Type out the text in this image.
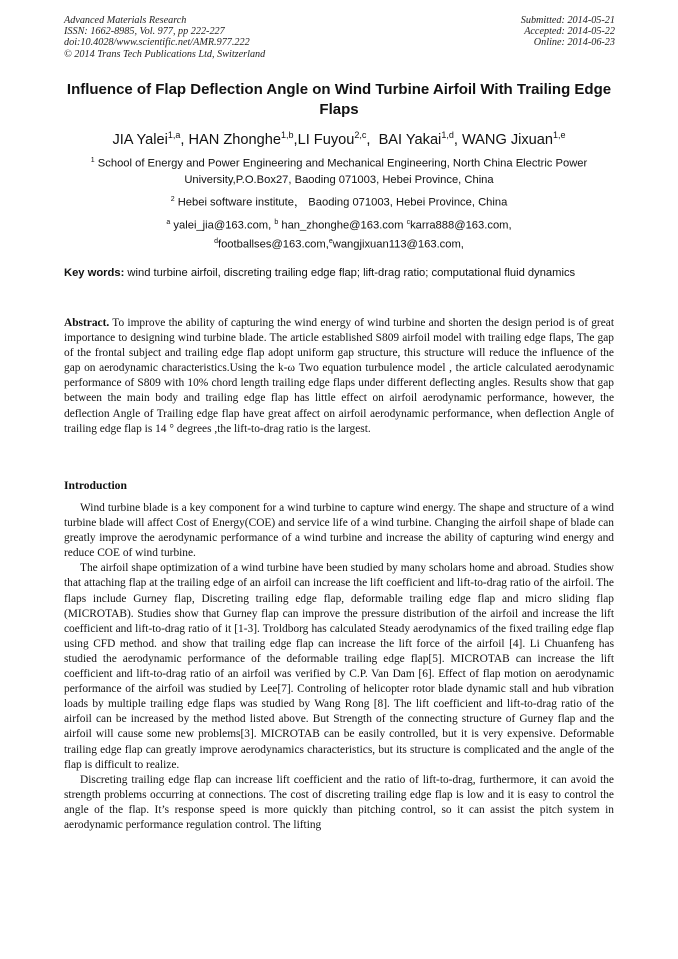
Advanced Materials Research
ISSN: 1662-8985, Vol. 977, pp 222-227
doi:10.4028/www.scientific.net/AMR.977.222
© 2014 Trans Tech Publications Ltd, Switzerland
Submitted: 2014-05-21
Accepted: 2014-05-22
Online: 2014-06-23
Influence of Flap Deflection Angle on Wind Turbine Airfoil With Trailing Edge Flaps
JIA Yalei$^{1,a}$, HAN Zhonghe$^{1,b}$,LI Fuyou$^{2,c}$,  BAI Yakai$^{1,d}$, WANG Jixuan$^{1,e}$
$^1$ School of Energy and Power Engineering and Mechanical Engineering, North China Electric Power University,P.O.Box27, Baoding 071003, Hebei Province, China
$^2$ Hebei software institute， Baoding 071003, Hebei Province, China
$^a$ yalei_jia@163.com, $^b$ han_zhonghe@163.com $^c$karra888@163.com,
$^d$footballses@163.com,$^e$wangjixuan113@163.com,
Key words: wind turbine airfoil, discreting trailing edge flap; lift-drag ratio; computational fluid dynamics
Abstract. To improve the ability of capturing the wind energy of wind turbine and shorten the design period is of great importance to designing wind turbine blade. The article established S809 airfoil model with trailing edge flaps, The gap of the frontal subject and trailing edge flap adopt uniform gap structure, this structure will reduce the influence of the gap on aerodynamic characteristics.Using the k-ω Two equation turbulence model , the article calculated aerodynamic performance of S809 with 10% chord length trailing edge flaps under different deflecting angles. Results show that gap between the main body and trailing edge flap has little effect on airfoil aerodynamic performance, however, the deflection Angle of Trailing edge flap have great affect on airfoil aerodynamic performance, when deflection Angle of trailing edge flap is 14 ° degrees ,the lift-to-drag ratio is the largest.
Introduction

Wind turbine blade is a key component for a wind turbine to capture wind energy. The shape and structure of a wind turbine blade will affect Cost of Energy(COE) and service life of a wind turbine. Changing the airfoil shape of blade can greatly improve the aerodynamic performance of a wind turbine and increase the ability of capturing wind energy and reduce COE of wind turbine.

The airfoil shape optimization of a wind turbine have been studied by many scholars home and abroad. Studies show that attaching flap at the trailing edge of an airfoil can increase the lift coefficient and lift-to-drag ratio of the airfoil. The flaps include Gurney flap, Discreting trailing edge flap, deformable trailing edge flap and micro sliding flap (MICROTAB). Studies show that Gurney flap can improve the pressure distribution of the airfoil and increase the lift coefficient and lift-to-drag ratio of it [1-3]. Troldborg has calculated Steady aerodynamics of the fixed trailing edge flap using CFD method. and show that trailing edge flap can increase the lift force of the airfoil [4]. Li Chuanfeng has studied the aerodynamic performance of the deformable trailing edge flap[5]. MICROTAB can increase the lift coefficient and lift-to-drag ratio of an airfoil was verified by C.P. Van Dam [6]. Effect of flap motion on aerodynamic performance of the airfoil was studied by Lee[7]. Controling of helicopter rotor blade dynamic stall and hub vibration loads by multiple trailing edge flaps was studied by Wang Rong [8]. The lift coefficient and lift-to-drag ratio of the airfoil can be increased by the method listed above. But Strength of the connecting structure of Gurney flap and the airfoil will cause some new problems[3]. MICROTAB can be easily controlled, but it is very expensive. Deformable trailing edge flap can greatly improve aerodynamics characteristics, but its structure is complicated and the angle of the flap is difficult to realize.

Discreting trailing edge flap can increase lift coefficient and the ratio of lift-to-drag, furthermore, it can avoid the strength problems occurring at connections. The cost of discreting trailing edge flap is low and it is easy to control the angle of the flap. It’s response speed is more quickly than pitching control, so it can assist the pitch system in aerodynamic performance regulation control. The lifting
